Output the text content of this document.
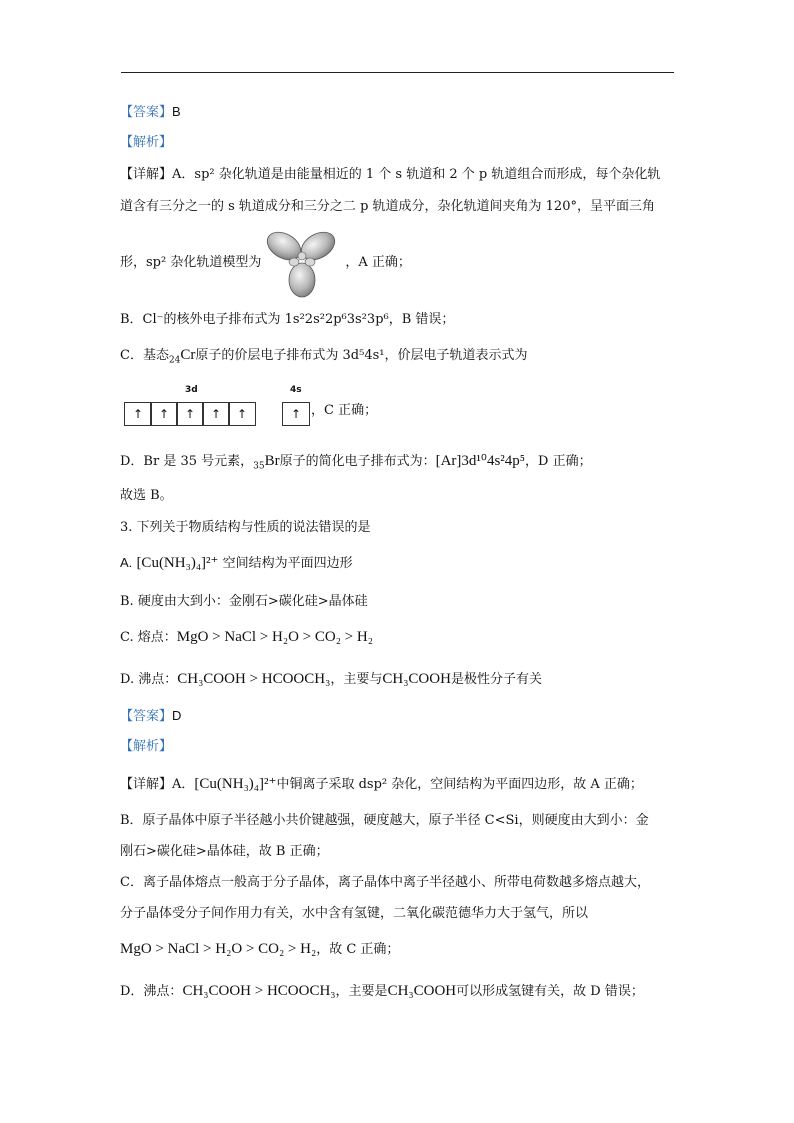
【答案】B
【解析】
【详解】A．sp² 杂化轨道是由能量相近的 1 个 s 轨道和 2 个 p 轨道组合而形成，每个杂化轨
道含有三分之一的 s 轨道成分和三分之二 p 轨道成分，杂化轨道间夹角为 120°，呈平面三角
形，sp² 杂化轨道模型为	，A 正确；
B．Cl⁻的核外电子排布式为 1s²2s²2p⁶3s²3p⁶，B 错误；
C．基态$_{24}$Cr原子的价层电子排布式为 3d⁵4s¹，价层电子轨道表示式为
3d	4s
↑	↑	↑	↑	↑	↑ ，C 正确；
D．Br 是 35 号元素，$_{35}$Br原子的简化电子排布式为：[Ar]3d¹⁰4s²4p⁵，D 正确；
故选 B。
3. 下列关于物质结构与性质的说法错误的是
A. [Cu(NH₃)₄]²⁺ 空间结构为平面四边形
B. 硬度由大到小：金刚石>碳化硅>晶体硅
C. 熔点：MgO > NaCl > H₂O > CO₂ > H₂
D. 沸点：CH₃COOH > HCOOCH₃，主要与CH₃COOH是极性分子有关
【答案】D
【解析】
【详解】A．[Cu(NH₃)₄]²⁺中铜离子采取 dsp² 杂化，空间结构为平面四边形，故 A 正确；
B．原子晶体中原子半径越小共价键越强，硬度越大，原子半径 C<Si，则硬度由大到小：金
刚石>碳化硅>晶体硅，故 B 正确；
C．离子晶体熔点一般高于分子晶体，离子晶体中离子半径越小、所带电荷数越多熔点越大，
分子晶体受分子间作用力有关，水中含有氢键，二氧化碳范德华力大于氢气，所以
MgO > NaCl > H₂O > CO₂ > H₂，故 C 正确；
D．沸点：CH₃COOH > HCOOCH₃，主要是CH₃COOH可以形成氢键有关，故 D 错误；
